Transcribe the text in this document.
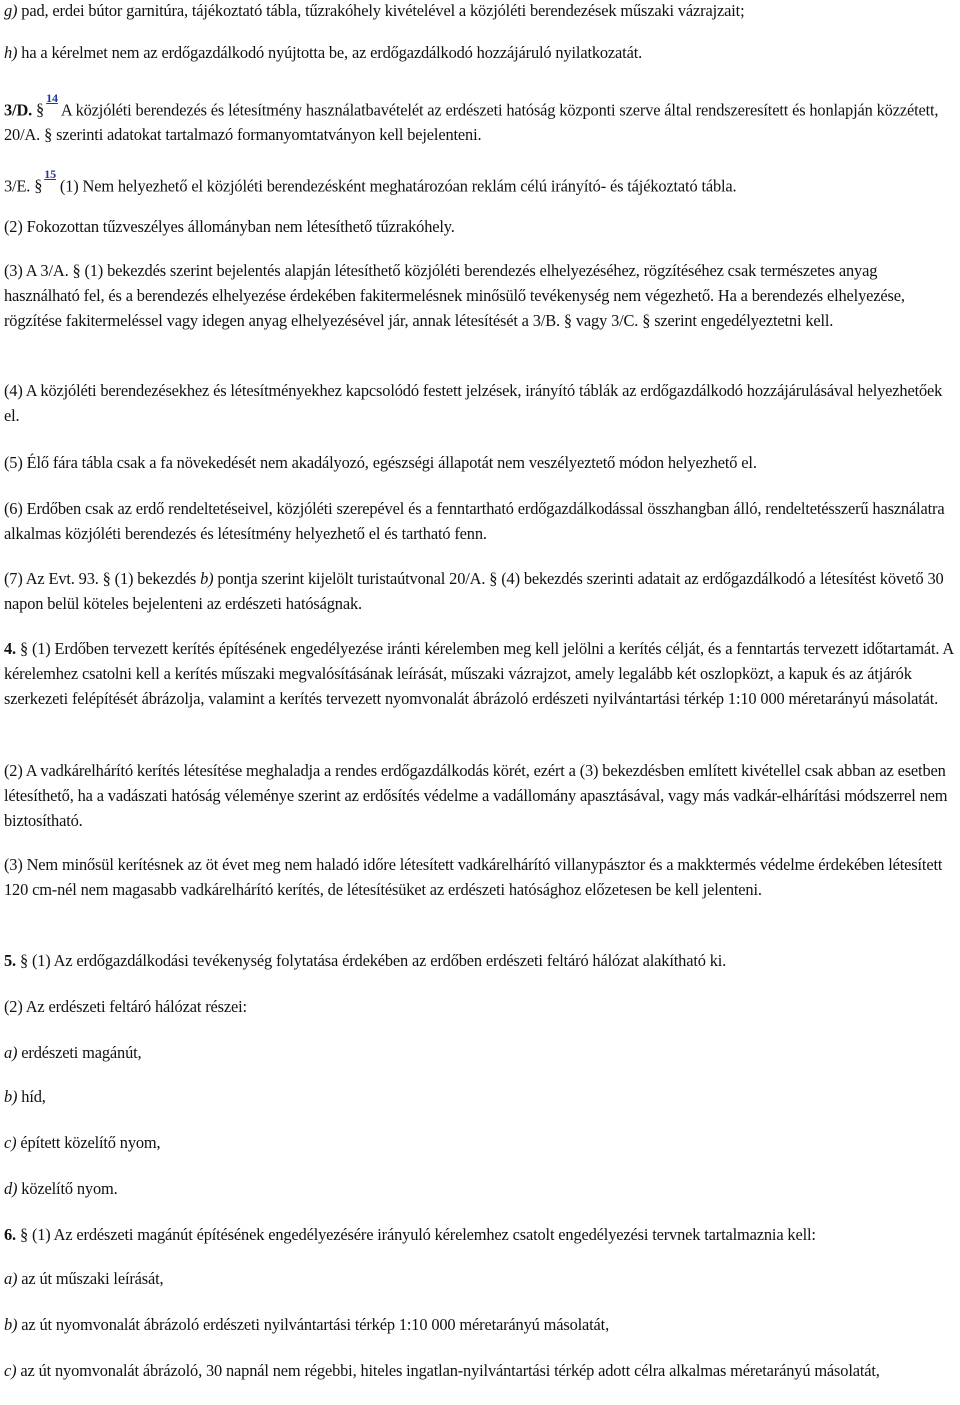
g) pad, erdei bútor garnitúra, tájékoztató tábla, tűzrakóhely kivételével a közjóléti berendezések műszaki vázrajzait;

h) ha a kérelmet nem az erdőgazdálkodó nyújtotta be, az erdőgazdálkodó hozzájáruló nyilatkozatát.

3/D. §$^{14}$ A közjóléti berendezés és létesítmény használatbavételét az erdészeti hatóság központi szerve által rendszeresített és honlapján közzétett, 20/A. § szerinti adatokat tartalmazó formanyomtatványon kell bejelenteni.

3/E. §$^{15}$ (1) Nem helyezhető el közjóléti berendezésként meghatározóan reklám célú irányító- és tájékoztató tábla.

(2) Fokozottan tűzveszélyes állományban nem létesíthető tűzrakóhely.

(3) A 3/A. § (1) bekezdés szerint bejelentés alapján létesíthető közjóléti berendezés elhelyezéséhez, rögzítéséhez csak természetes anyag használható fel, és a berendezés elhelyezése érdekében fakitermelésnek minősülő tevékenység nem végezhető. Ha a berendezés elhelyezése, rögzítése fakitermeléssel vagy idegen anyag elhelyezésével jár, annak létesítését a 3/B. § vagy 3/C. § szerint engedélyeztetni kell.

(4) A közjóléti berendezésekhez és létesítményekhez kapcsolódó festett jelzések, irányító táblák az erdőgazdálkodó hozzájárulásával helyezhetőek el.

(5) Élő fára tábla csak a fa növekedését nem akadályozó, egészségi állapotát nem veszélyeztető módon helyezhető el.

(6) Erdőben csak az erdő rendeltetéseivel, közjóléti szerepével és a fenntartható erdőgazdálkodással összhangban álló, rendeltetésszerű használatra alkalmas közjóléti berendezés és létesítmény helyezhető el és tartható fenn.

(7) Az Evt. 93. § (1) bekezdés b) pontja szerint kijelölt turistaútvonal 20/A. § (4) bekezdés szerinti adatait az erdőgazdálkodó a létesítést követő 30 napon belül köteles bejelenteni az erdészeti hatóságnak.

4. § (1) Erdőben tervezett kerítés építésének engedélyezése iránti kérelemben meg kell jelölni a kerítés célját, és a fenntartás tervezett időtartamát. A kérelemhez csatolni kell a kerítés műszaki megvalósításának leírását, műszaki vázrajzot, amely legalább két oszlopközt, a kapuk és az átjárók szerkezeti felépítését ábrázolja, valamint a kerítés tervezett nyomvonalát ábrázoló erdészeti nyilvántartási térkép 1:10 000 méretarányú másolatát.

(2) A vadkárelhárító kerítés létesítése meghaladja a rendes erdőgazdálkodás körét, ezért a (3) bekezdésben említett kivétellel csak abban az esetben létesíthető, ha a vadászati hatóság véleménye szerint az erdősítés védelme a vadállomány apasztásával, vagy más vadkár-elhárítási módszerrel nem biztosítható.

(3) Nem minősül kerítésnek az öt évet meg nem haladó időre létesített vadkárelhárító villanypásztor és a makktermés védelme érdekében létesített 120 cm-nél nem magasabb vadkárelhárító kerítés, de létesítésüket az erdészeti hatósághoz előzetesen be kell jelenteni.

5. § (1) Az erdőgazdálkodási tevékenység folytatása érdekében az erdőben erdészeti feltáró hálózat alakítható ki.

(2) Az erdészeti feltáró hálózat részei:

a) erdészeti magánút,

b) híd,

c) épített közelítő nyom,

d) közelítő nyom.

6. § (1) Az erdészeti magánút építésének engedélyezésére irányuló kérelemhez csatolt engedélyezési tervnek tartalmaznia kell:

a) az út műszaki leírását,

b) az út nyomvonalát ábrázoló erdészeti nyilvántartási térkép 1:10 000 méretarányú másolatát,

c) az út nyomvonalát ábrázoló, 30 napnál nem régebbi, hiteles ingatlan-nyilvántartási térkép adott célra alkalmas méretarányú másolatát,
